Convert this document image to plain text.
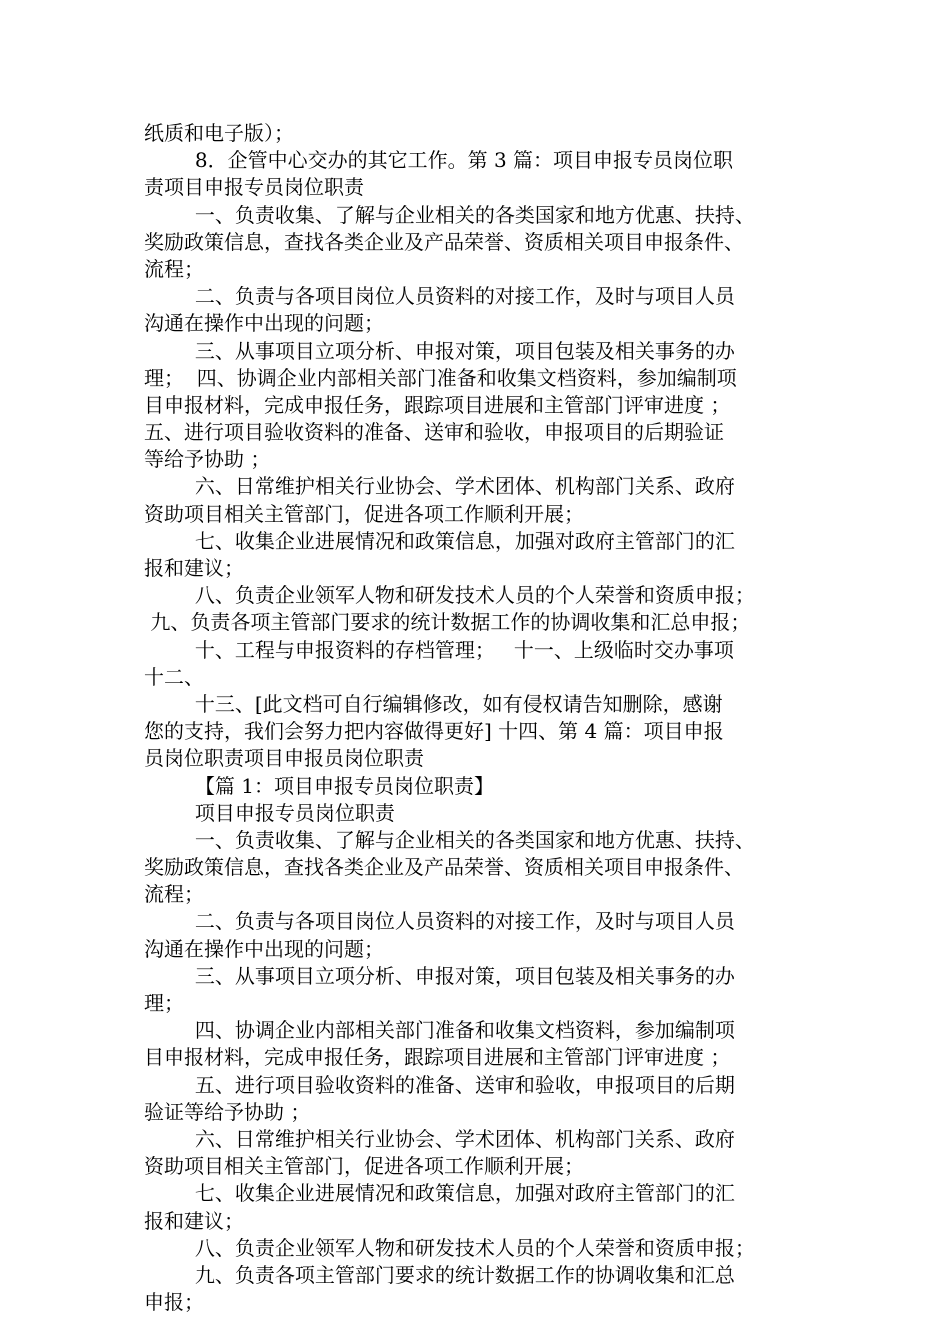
纸质和电子版）；
8．企管中心交办的其它工作。第 3 篇：项目申报专员岗位职
责项目申报专员岗位职责
一、负责收集、了解与企业相关的各类国家和地方优惠、扶持、
奖励政策信息，查找各类企业及产品荣誉、资质相关项目申报条件、
流程；
二、负责与各项目岗位人员资料的对接工作，及时与项目人员
沟通在操作中出现的问题；
三、从事项目立项分析、申报对策，项目包装及相关事务的办
理；  四、协调企业内部相关部门准备和收集文档资料，参加编制项
目申报材料，完成申报任务，跟踪项目进展和主管部门评审进度 ；
五、进行项目验收资料的准备、送审和验收，申报项目的后期验证
等给予协助 ；
六、日常维护相关行业协会、学术团体、机构部门关系、政府
资助项目相关主管部门，促进各项工作顺利开展；
七、收集企业进展情况和政策信息，加强对政府主管部门的汇
报和建议；
八、负责企业领军人物和研发技术人员的个人荣誉和资质申报；
九、负责各项主管部门要求的统计数据工作的协调收集和汇总申报；
十、工程与申报资料的存档管理；   十一、上级临时交办事项
十二、
十三、[此文档可自行编辑修改，如有侵权请告知删除，感谢
您的支持，我们会努力把内容做得更好] 十四、第 4 篇：项目申报
员岗位职责项目申报员岗位职责
【篇 1：项目申报专员岗位职责】
项目申报专员岗位职责
一、负责收集、了解与企业相关的各类国家和地方优惠、扶持、
奖励政策信息，查找各类企业及产品荣誉、资质相关项目申报条件、
流程；
二、负责与各项目岗位人员资料的对接工作，及时与项目人员
沟通在操作中出现的问题；
三、从事项目立项分析、申报对策，项目包装及相关事务的办
理；
四、协调企业内部相关部门准备和收集文档资料，参加编制项
目申报材料，完成申报任务，跟踪项目进展和主管部门评审进度 ；
五、进行项目验收资料的准备、送审和验收，申报项目的后期
验证等给予协助 ；
六、日常维护相关行业协会、学术团体、机构部门关系、政府
资助项目相关主管部门，促进各项工作顺利开展；
七、收集企业进展情况和政策信息，加强对政府主管部门的汇
报和建议；
八、负责企业领军人物和研发技术人员的个人荣誉和资质申报；
九、负责各项主管部门要求的统计数据工作的协调收集和汇总
申报；
